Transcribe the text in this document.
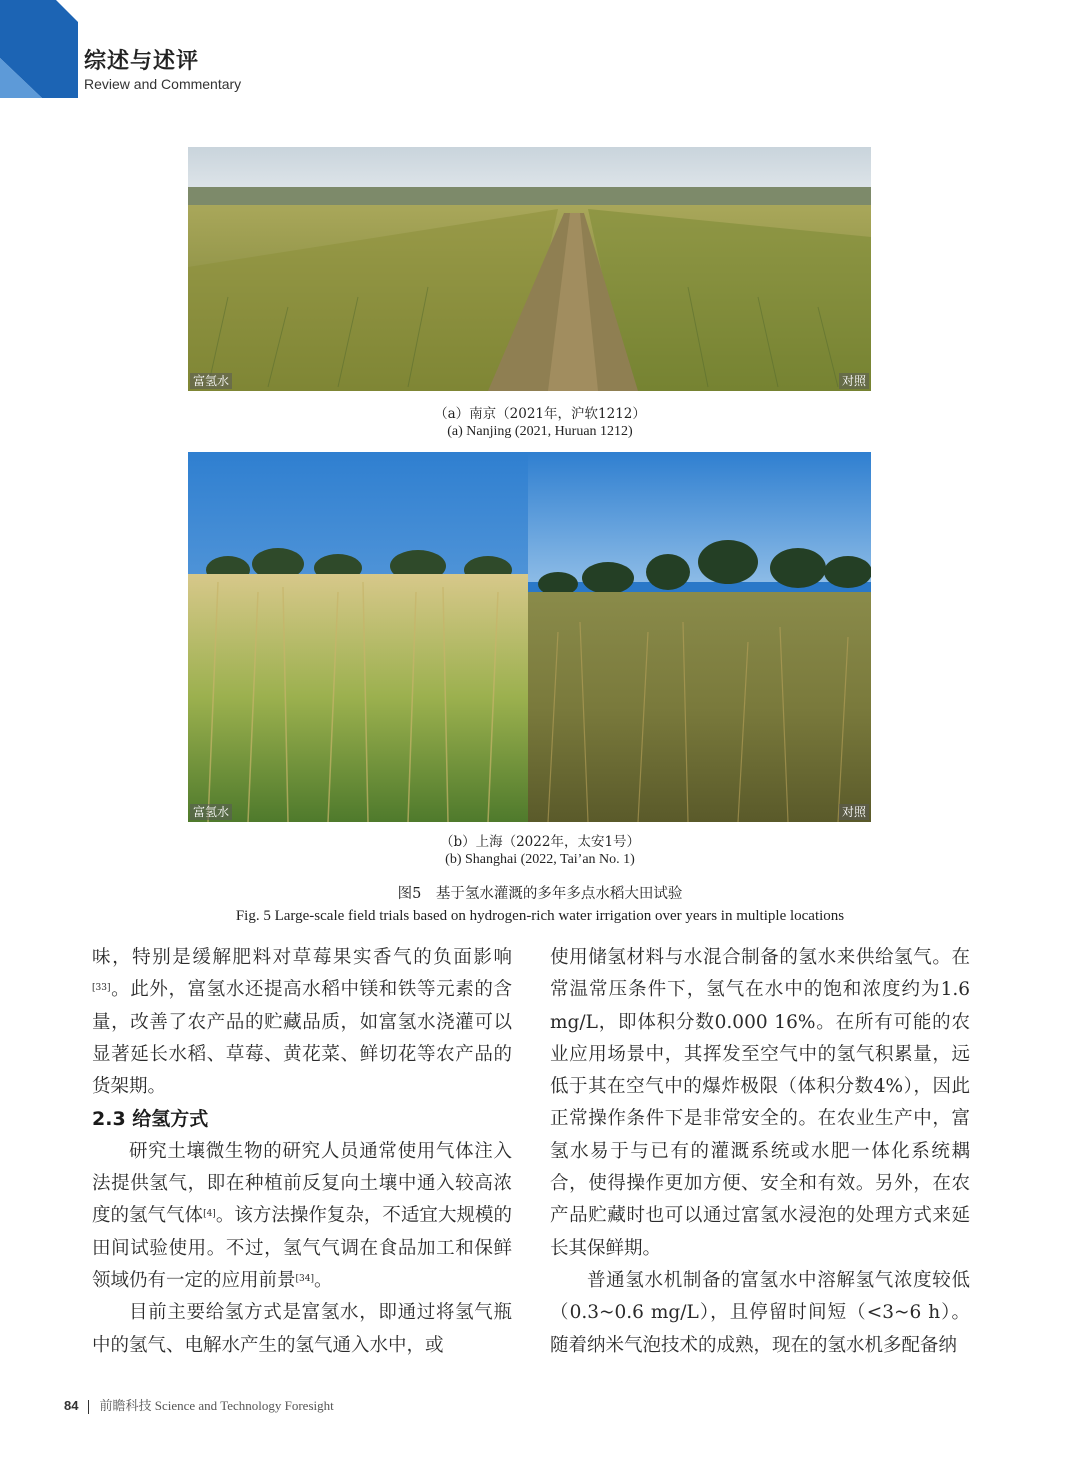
综述与述评
Review and Commentary
富氢水	对照
（a）南京（2021年，沪软1212）
(a) Nanjing (2021, Huruan 1212)
富氢水	对照
（b）上海（2022年，太安1号）
(b) Shanghai (2022, Tai’an No. 1)
图5　基于氢水灌溉的多年多点水稻大田试验
Fig. 5 Large-scale field trials based on hydrogen-rich water irrigation over years in multiple locations

味，特别是缓解肥料对草莓果实香气的负面影响[33]。此外，富氢水还提高水稻中镁和铁等元素的含量，改善了农产品的贮藏品质，如富氢水浇灌可以显著延长水稻、草莓、黄花菜、鲜切花等农产品的货架期。

2.3 给氢方式

研究土壤微生物的研究人员通常使用气体注入法提供氢气，即在种植前反复向土壤中通入较高浓度的氢气气体[4]。该方法操作复杂，不适宜大规模的田间试验使用。不过，氢气气调在食品加工和保鲜领域仍有一定的应用前景[34]。

目前主要给氢方式是富氢水，即通过将氢气瓶中的氢气、电解水产生的氢气通入水中，或

使用储氢材料与水混合制备的氢水来供给氢气。在常温常压条件下，氢气在水中的饱和浓度约为1.6 mg/L，即体积分数0.000 16%。在所有可能的农业应用场景中，其挥发至空气中的氢气积累量，远低于其在空气中的爆炸极限（体积分数4%），因此正常操作条件下是非常安全的。在农业生产中，富氢水易于与已有的灌溉系统或水肥一体化系统耦合，使得操作更加方便、安全和有效。另外，在农产品贮藏时也可以通过富氢水浸泡的处理方式来延长其保鲜期。

普通氢水机制备的富氢水中溶解氢气浓度较低（0.3~0.6 mg/L），且停留时间短（<3~6 h）。随着纳米气泡技术的成熟，现在的氢水机多配备纳

84 前瞻科技 Science and Technology Foresight
